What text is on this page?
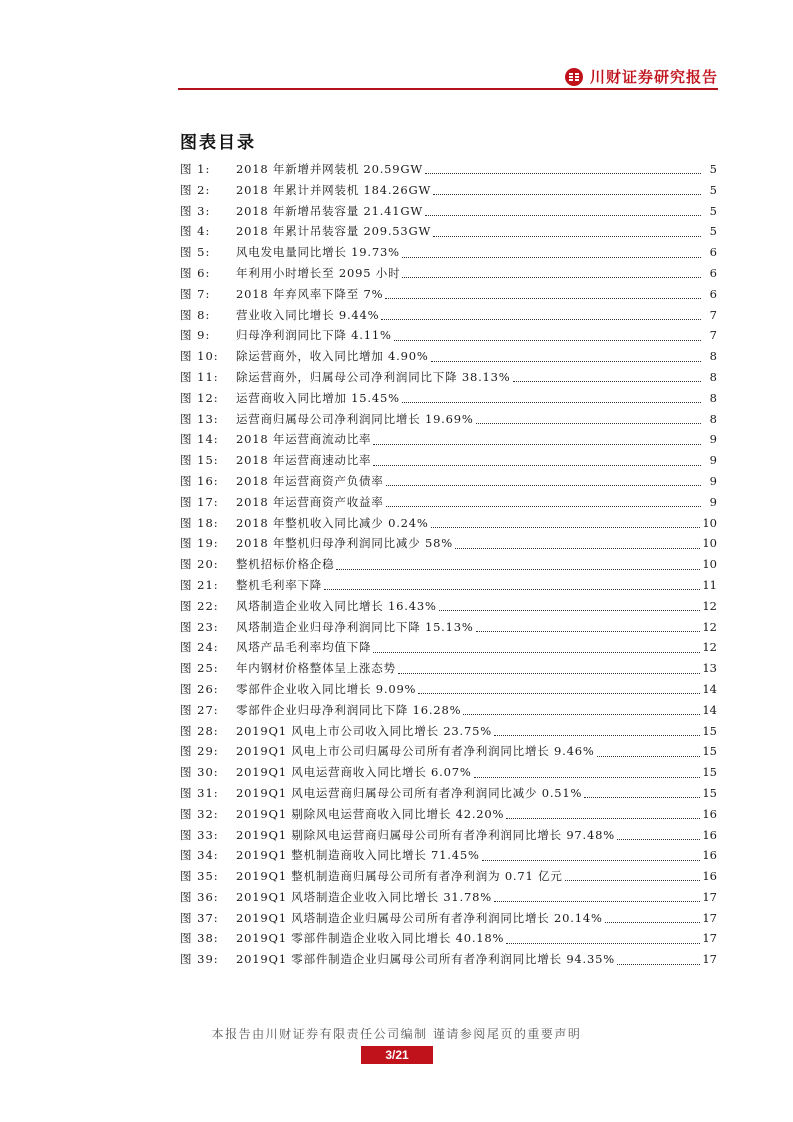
川财证券研究报告
图表目录
图 1:	2018 年新增并网装机 20.59GW	5
图 2:	2018 年累计并网装机 184.26GW	5
图 3:	2018 年新增吊装容量 21.41GW	5
图 4:	2018 年累计吊装容量 209.53GW	5
图 5:	风电发电量同比增长 19.73%	6
图 6:	年利用小时增长至 2095 小时	6
图 7:	2018 年弃风率下降至 7%	6
图 8:	营业收入同比增长 9.44%	7
图 9:	归母净利润同比下降 4.11%	7
图 10:	除运营商外，收入同比增加 4.90%	8
图 11:	除运营商外，归属母公司净利润同比下降 38.13%	8
图 12:	运营商收入同比增加 15.45%	8
图 13:	运营商归属母公司净利润同比增长 19.69%	8
图 14:	2018 年运营商流动比率	9
图 15:	2018 年运营商速动比率	9
图 16:	2018 年运营商资产负债率	9
图 17:	2018 年运营商资产收益率	9
图 18:	2018 年整机收入同比减少 0.24%	10
图 19:	2018 年整机归母净利润同比减少 58%	10
图 20:	整机招标价格企稳	10
图 21:	整机毛利率下降	11
图 22:	风塔制造企业收入同比增长 16.43%	12
图 23:	风塔制造企业归母净利润同比下降 15.13%	12
图 24:	风塔产品毛利率均值下降	12
图 25:	年内钢材价格整体呈上涨态势	13
图 26:	零部件企业收入同比增长 9.09%	14
图 27:	零部件企业归母净利润同比下降 16.28%	14
图 28:	2019Q1 风电上市公司收入同比增长 23.75%	15
图 29:	2019Q1 风电上市公司归属母公司所有者净利润同比增长 9.46%	15
图 30:	2019Q1 风电运营商收入同比增长 6.07%	15
图 31:	2019Q1 风电运营商归属母公司所有者净利润同比减少 0.51%	15
图 32:	2019Q1 剔除风电运营商收入同比增长 42.20%	16
图 33:	2019Q1 剔除风电运营商归属母公司所有者净利润同比增长 97.48%	16
图 34:	2019Q1 整机制造商收入同比增长 71.45%	16
图 35:	2019Q1 整机制造商归属母公司所有者净利润为 0.71 亿元	16
图 36:	2019Q1 风塔制造企业收入同比增长 31.78%	17
图 37:	2019Q1 风塔制造企业归属母公司所有者净利润同比增长 20.14%	17
图 38:	2019Q1 零部件制造企业收入同比增长 40.18%	17
图 39:	2019Q1 零部件制造企业归属母公司所有者净利润同比增长 94.35%	17
本报告由川财证券有限责任公司编制 谨请参阅尾页的重要声明
3/21
